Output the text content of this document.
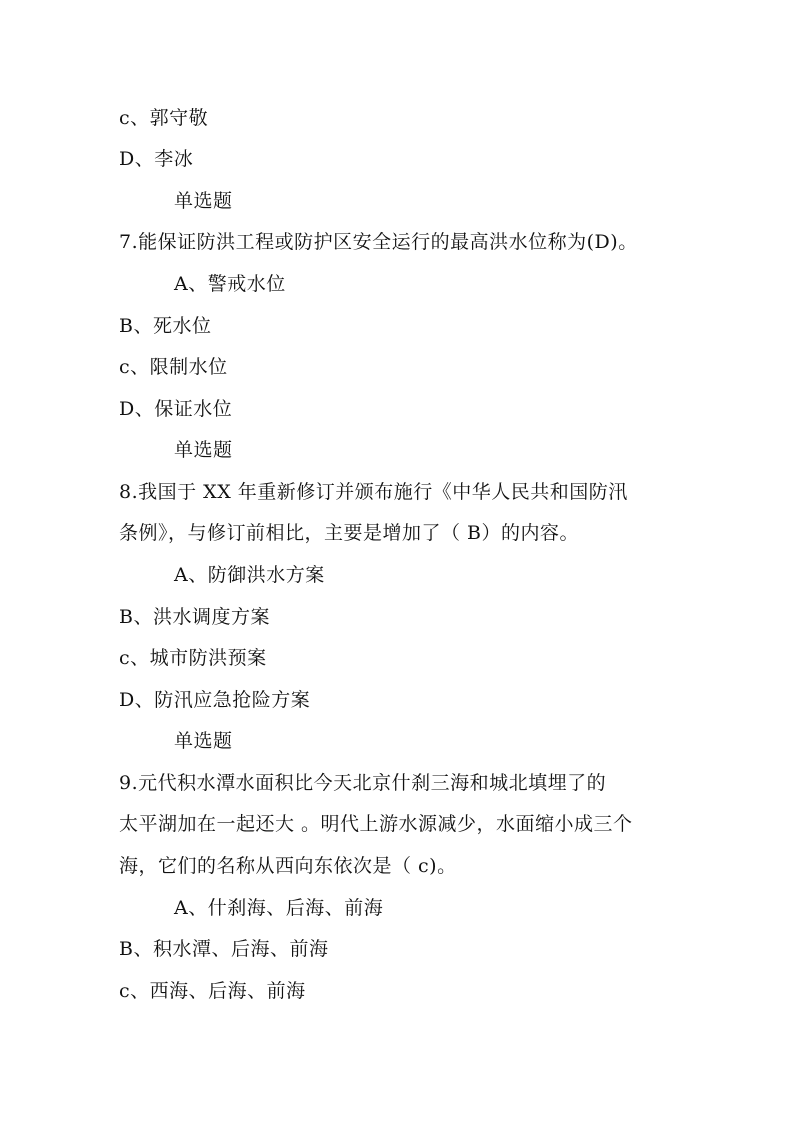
c、郭守敬
D、李冰
单选题
7.能保证防洪工程或防护区安全运行的最高洪水位称为(D)。
A、警戒水位
B、死水位
c、限制水位
D、保证水位
单选题
8.我国于 XX 年重新修订并颁布施行《中华人民共和国防汛
条例》，与修订前相比，主要是增加了（ B）的内容。
A、防御洪水方案
B、洪水调度方案
c、城市防洪预案
D、防汛应急抢险方案
单选题
9.元代积水潭水面积比今天北京什刹三海和城北填埋了的
太平湖加在一起还大 。明代上游水源减少，水面缩小成三个
海，它们的名称从西向东依次是（ c)。
A、什刹海、后海、前海
B、积水潭、后海、前海
c、西海、后海、前海
